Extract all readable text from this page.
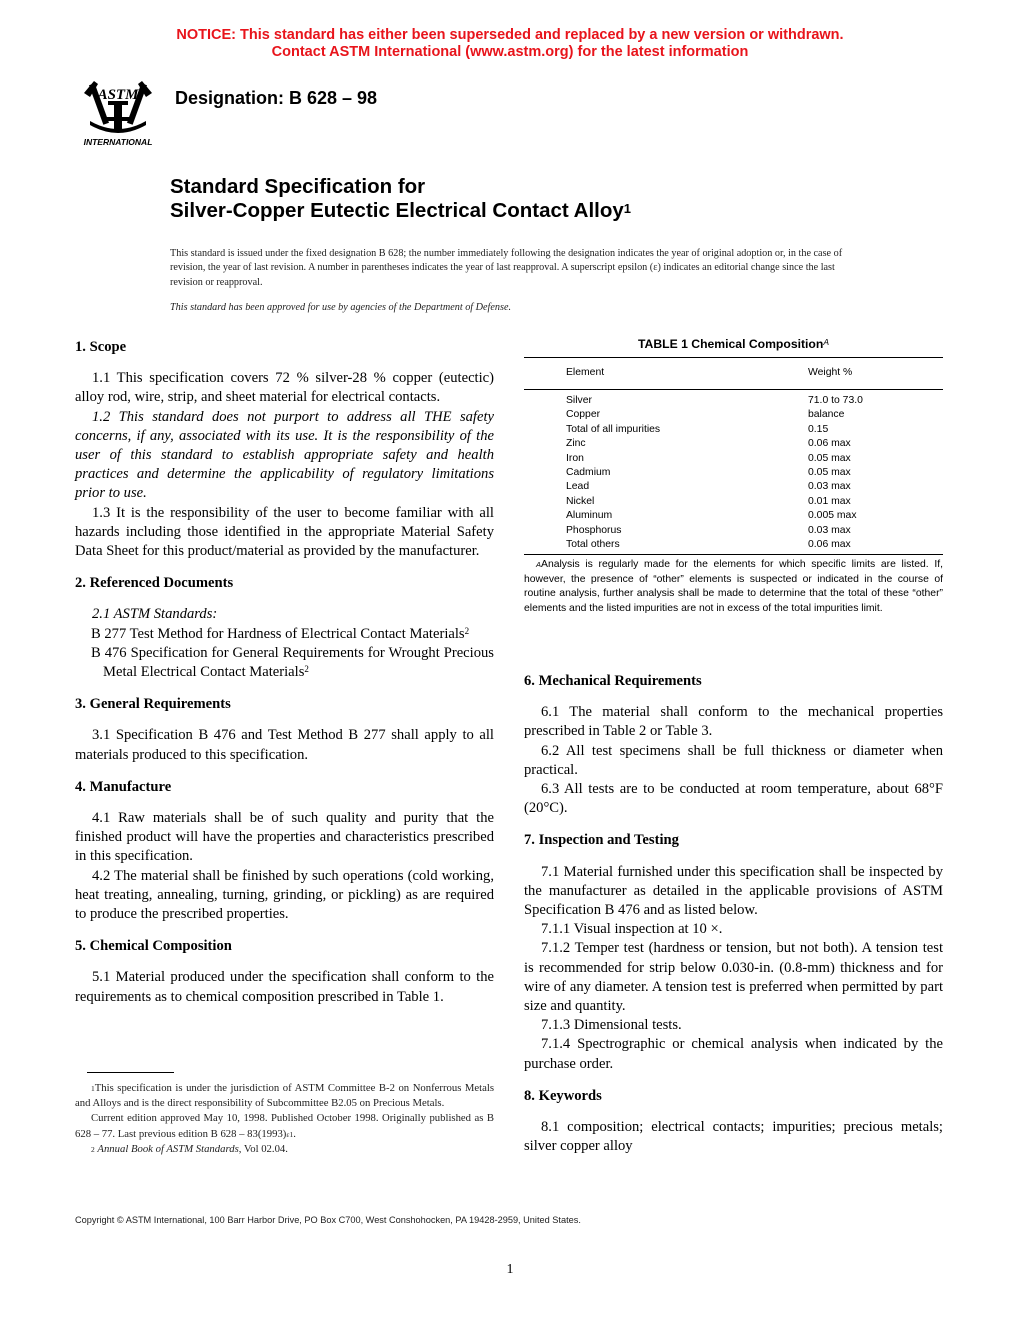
NOTICE: This standard has either been superseded and replaced by a new version or withdrawn.
Contact ASTM International (www.astm.org) for the latest information
ASTM
INTERNATIONAL
Designation: B 628 – 98
Standard Specification for
Silver-Copper Eutectic Electrical Contact Alloy$^1$
This standard is issued under the fixed designation B 628; the number immediately following the designation indicates the year of original adoption or, in the case of revision, the year of last revision. A number in parentheses indicates the year of last reapproval. A superscript epsilon (ε) indicates an editorial change since the last revision or reapproval.
This standard has been approved for use by agencies of the Department of Defense.
1. Scope

1.1 This specification covers 72 % silver-28 % copper (eutectic) alloy rod, wire, strip, and sheet material for electrical contacts.

1.2 This standard does not purport to address all THE safety concerns, if any, associated with its use. It is the responsibility of the user of this standard to establish appropriate safety and health practices and determine the applicability of regulatory limitations prior to use.

1.3 It is the responsibility of the user to become familiar with all hazards including those identified in the appropriate Material Safety Data Sheet for this product/material as provided by the manufacturer.

2. Referenced Documents

2.1 ASTM Standards:

B 277 Test Method for Hardness of Electrical Contact Materials$^2$

B 476 Specification for General Requirements for Wrought Precious Metal Electrical Contact Materials$^2$

3. General Requirements

3.1 Specification B 476 and Test Method B 277 shall apply to all materials produced to this specification.

4. Manufacture

4.1 Raw materials shall be of such quality and purity that the finished product will have the properties and characteristics prescribed in this specification.

4.2 The material shall be finished by such operations (cold working, heat treating, annealing, turning, grinding, or pickling) as are required to produce the prescribed properties.

5. Chemical Composition

5.1 Material produced under the specification shall conform to the requirements as to chemical composition prescribed in Table 1.

TABLE 1 Chemical Composition$^A$
Element	Weight %
Silver	71.0 to 73.0
Copper	balance
Total of all impurities	0.15
Zinc	0.06 max
Iron	0.05 max
Cadmium	0.05 max
Lead	0.03 max
Nickel	0.01 max
Aluminum	0.005 max
Phosphorus	0.03 max
Total others	0.06 max
$^A$Analysis is regularly made for the elements for which specific limits are listed. If, however, the presence of “other” elements is suspected or indicated in the course of routine analysis, further analysis shall be made to determine that the total of these “other” elements and the listed impurities are not in excess of the total impurities limit.
6. Mechanical Requirements

6.1 The material shall conform to the mechanical properties prescribed in Table 2 or Table 3.

6.2 All test specimens shall be full thickness or diameter when practical.

6.3 All tests are to be conducted at room temperature, about 68°F (20°C).

7. Inspection and Testing

7.1 Material furnished under this specification shall be inspected by the manufacturer as detailed in the applicable provisions of ASTM Specification B 476 and as listed below.

7.1.1 Visual inspection at 10 ×.

7.1.2 Temper test (hardness or tension, but not both). A tension test is recommended for strip below 0.030-in. (0.8-mm) thickness and for wire of any diameter. A tension test is preferred when permitted by part size and quantity.

7.1.3 Dimensional tests.

7.1.4 Spectrographic or chemical analysis when indicated by the purchase order.

8. Keywords

8.1 composition; electrical contacts; impurities; precious metals; silver copper alloy

$^1$This specification is under the jurisdiction of ASTM Committee B-2 on Nonferrous Metals and Alloys and is the direct responsibility of Subcommittee B2.05 on Precious Metals.

Current edition approved May 10, 1998. Published October 1998. Originally published as B 628 – 77. Last previous edition B $628 - 83(1993)^{\varepsilon 1}$.

$^2$ Annual Book of ASTM Standards, Vol 02.04.

Copyright © ASTM International, 100 Barr Harbor Drive, PO Box C700, West Conshohocken, PA 19428-2959, United States.
1
